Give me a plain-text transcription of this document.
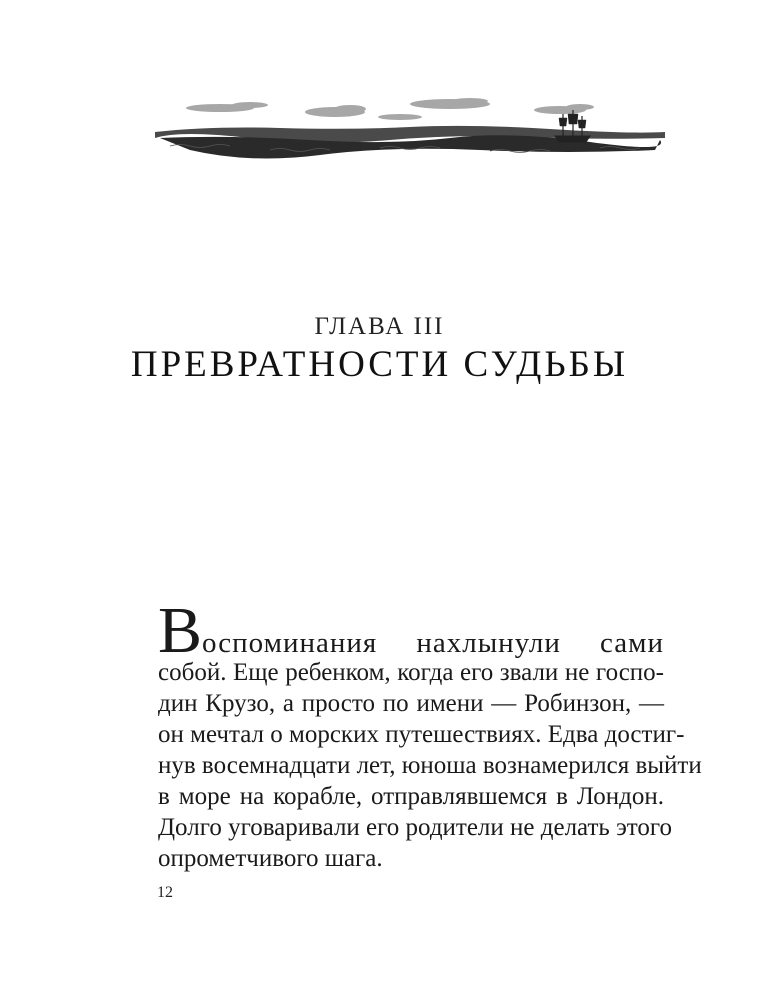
ГЛАВА III
ПРЕВРАТНОСТИ СУДЬБЫ
Воспоминания нахлынули сами
собой. Еще ребенком, когда его звали не госпо-
дин Крузо, а просто по имени — Робинзон, —
он мечтал о морских путешествиях. Едва достиг-
нув восемнадцати лет, юноша вознамерился выйти
в море на корабле, отправлявшемся в Лондон.
Долго уговаривали его родители не делать этого
опрометчивого шага.
12
